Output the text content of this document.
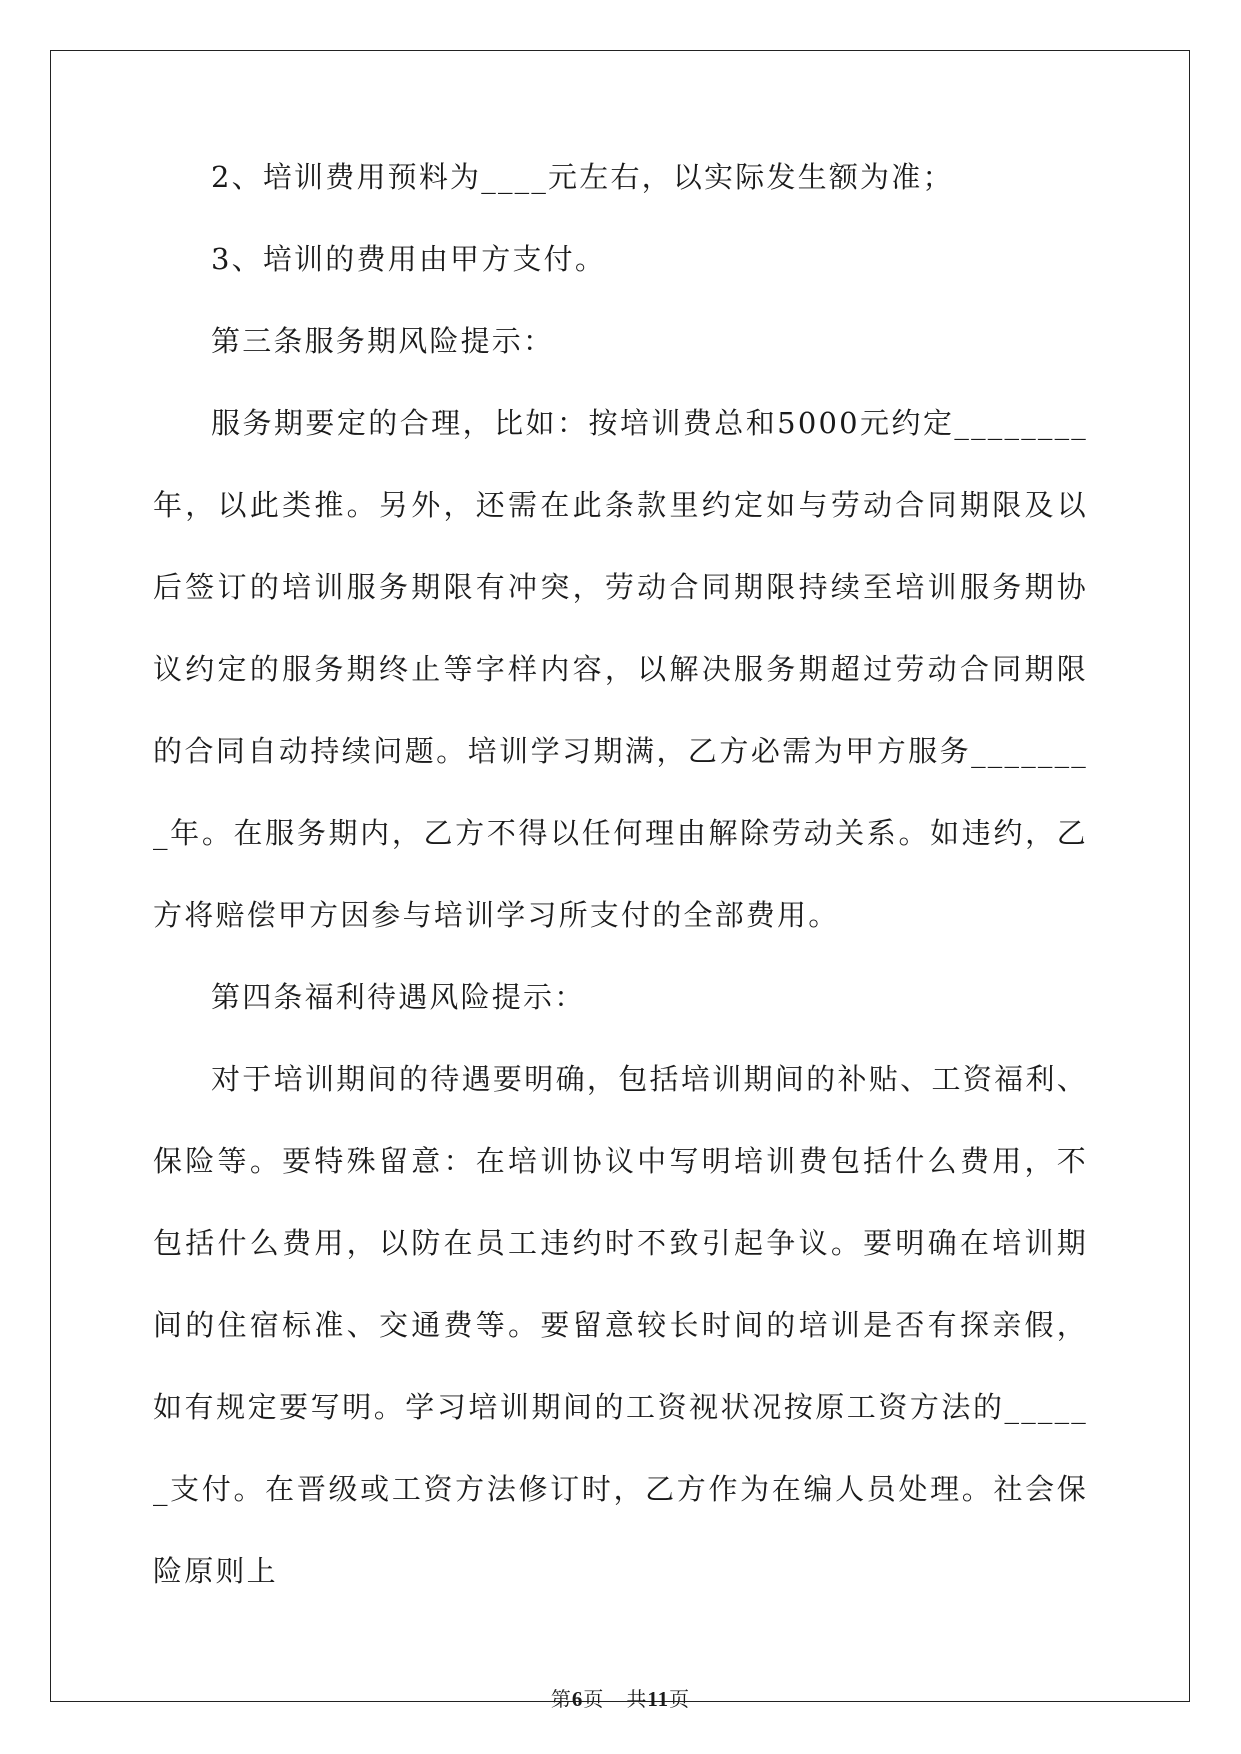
2、培训费用预料为____元左右，以实际发生额为准；

3、培训的费用由甲方支付。

第三条服务期风险提示：

服务期要定的合理，比如：按培训费总和5000元约定________年，以此类推。另外，还需在此条款里约定如与劳动合同期限及以后签订的培训服务期限有冲突，劳动合同期限持续至培训服务期协议约定的服务期终止等字样内容，以解决服务期超过劳动合同期限的合同自动持续问题。培训学习期满，乙方必需为甲方服务________年。在服务期内，乙方不得以任何理由解除劳动关系。如违约，乙方将赔偿甲方因参与培训学习所支付的全部费用。

第四条福利待遇风险提示：

对于培训期间的待遇要明确，包括培训期间的补贴、工资福利、保险等。要特殊留意：在培训协议中写明培训费包括什么费用，不包括什么费用，以防在员工违约时不致引起争议。要明确在培训期间的住宿标准、交通费等。要留意较长时间的培训是否有探亲假，如有规定要写明。学习培训期间的工资视状况按原工资方法的______支付。在晋级或工资方法修订时，乙方作为在编人员处理。社会保险原则上

第6页 共11页
